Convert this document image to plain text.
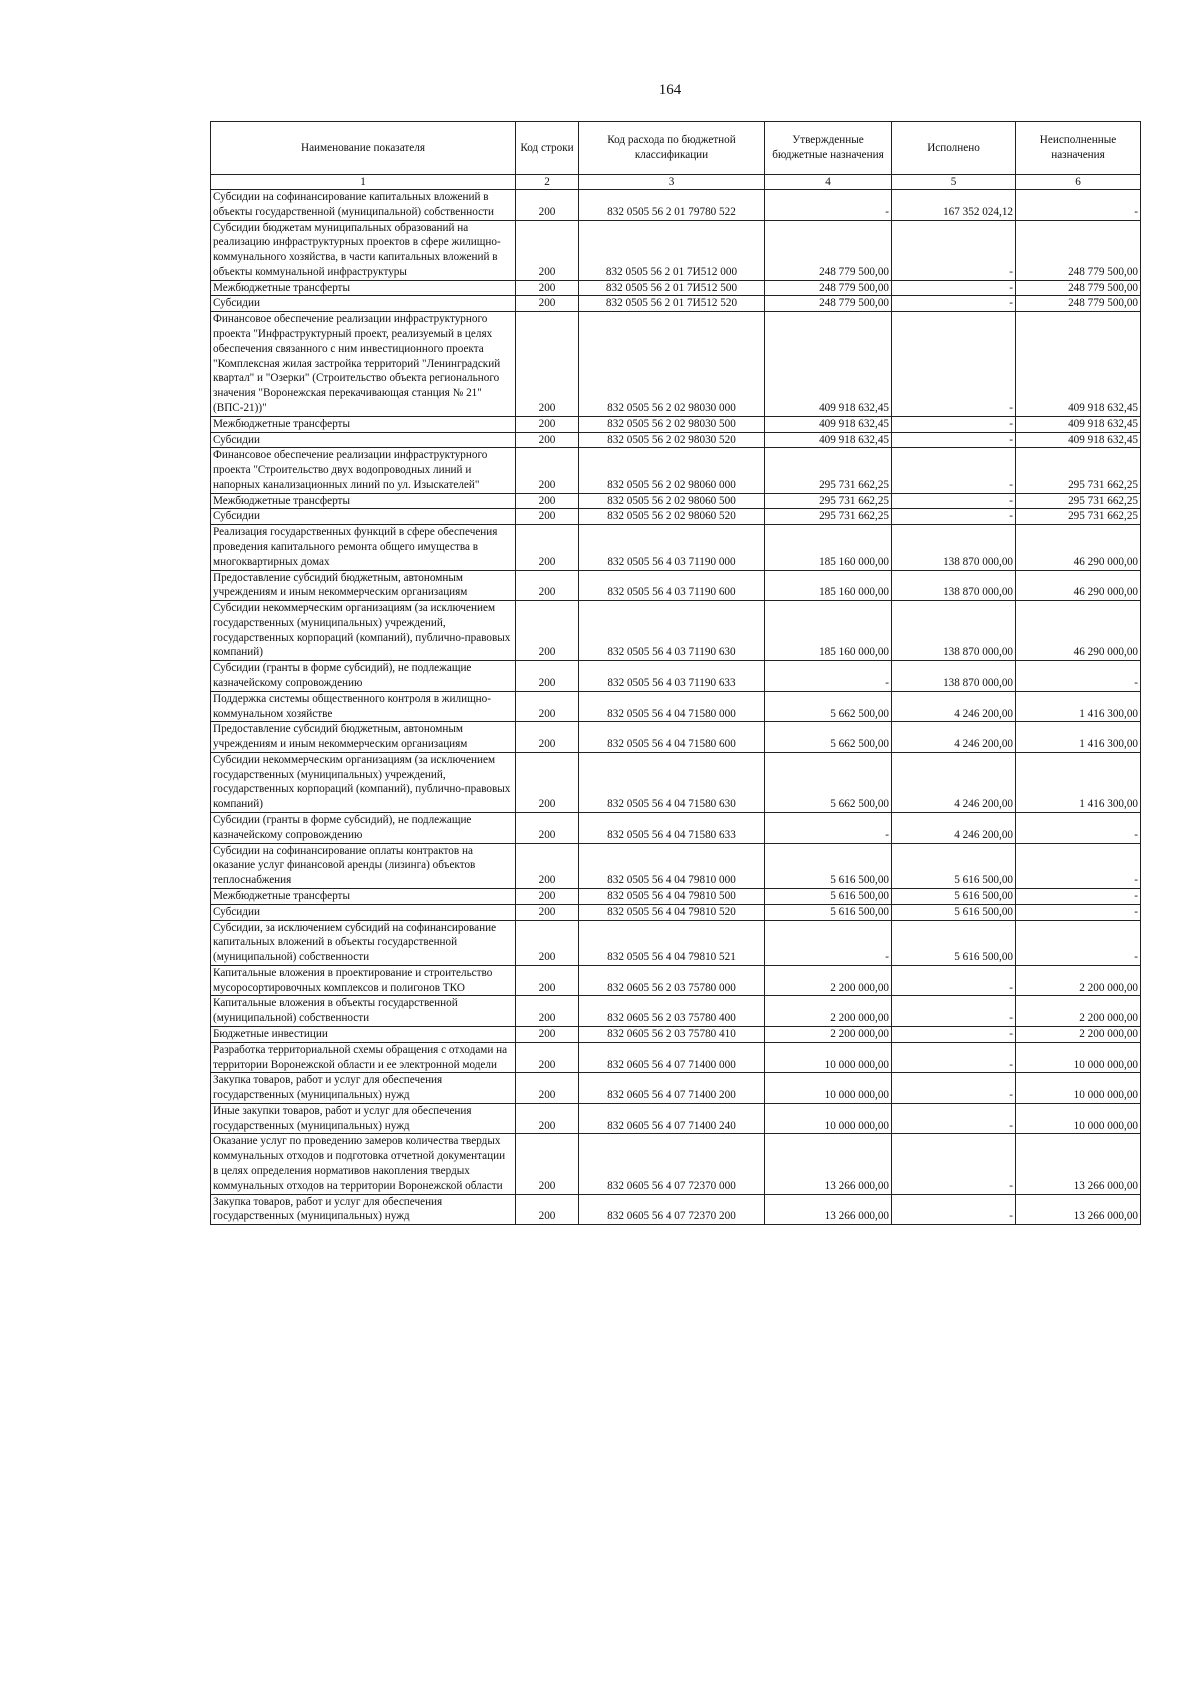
164
Наименование показателя	Код строки	Код расхода по бюджетной классификации	Утвержденные бюджетные назначения	Исполнено	Неисполненные назначения
1	2	3	4	5	6
Субсидии на софинансирование капитальных вложений в объекты государственной (муниципальной) собственности	200	832 0505 56 2 01 79780 522	-	167 352 024,12	-
Субсидии бюджетам муниципальных образований на реализацию инфраструктурных проектов в сфере жилищно-коммунального хозяйства, в части капитальных вложений в объекты коммунальной инфраструктуры	200	832 0505 56 2 01 7И512 000	248 779 500,00	-	248 779 500,00
Межбюджетные трансферты	200	832 0505 56 2 01 7И512 500	248 779 500,00	-	248 779 500,00
Субсидии	200	832 0505 56 2 01 7И512 520	248 779 500,00	-	248 779 500,00
Финансовое обеспечение реализации инфраструктурного проекта "Инфраструктурный проект, реализуемый в целях обеспечения связанного с ним инвестиционного проекта "Комплексная жилая застройка территорий "Ленинградский квартал" и "Озерки" (Строительство объекта регионального значения "Воронежская перекачивающая станция № 21" (ВПС-21))"	200	832 0505 56 2 02 98030 000	409 918 632,45	-	409 918 632,45
Межбюджетные трансферты	200	832 0505 56 2 02 98030 500	409 918 632,45	-	409 918 632,45
Субсидии	200	832 0505 56 2 02 98030 520	409 918 632,45	-	409 918 632,45
Финансовое обеспечение реализации инфраструктурного проекта "Строительство двух водопроводных линий и напорных канализационных линий по ул. Изыскателей"	200	832 0505 56 2 02 98060 000	295 731 662,25	-	295 731 662,25
Межбюджетные трансферты	200	832 0505 56 2 02 98060 500	295 731 662,25	-	295 731 662,25
Субсидии	200	832 0505 56 2 02 98060 520	295 731 662,25	-	295 731 662,25
Реализация государственных функций в сфере обеспечения проведения капитального ремонта общего имущества в многоквартирных домах	200	832 0505 56 4 03 71190 000	185 160 000,00	138 870 000,00	46 290 000,00
Предоставление субсидий бюджетным, автономным учреждениям и иным некоммерческим организациям	200	832 0505 56 4 03 71190 600	185 160 000,00	138 870 000,00	46 290 000,00
Субсидии некоммерческим организациям (за исключением государственных (муниципальных) учреждений, государственных корпораций (компаний), публично-правовых компаний)	200	832 0505 56 4 03 71190 630	185 160 000,00	138 870 000,00	46 290 000,00
Субсидии (гранты в форме субсидий), не подлежащие казначейскому сопровождению	200	832 0505 56 4 03 71190 633	-	138 870 000,00	-
Поддержка системы общественного контроля в жилищно-коммунальном хозяйстве	200	832 0505 56 4 04 71580 000	5 662 500,00	4 246 200,00	1 416 300,00
Предоставление субсидий бюджетным, автономным учреждениям и иным некоммерческим организациям	200	832 0505 56 4 04 71580 600	5 662 500,00	4 246 200,00	1 416 300,00
Субсидии некоммерческим организациям (за исключением государственных (муниципальных) учреждений, государственных корпораций (компаний), публично-правовых компаний)	200	832 0505 56 4 04 71580 630	5 662 500,00	4 246 200,00	1 416 300,00
Субсидии (гранты в форме субсидий), не подлежащие казначейскому сопровождению	200	832 0505 56 4 04 71580 633	-	4 246 200,00	-
Субсидии на софинансирование оплаты контрактов на оказание услуг финансовой аренды (лизинга) объектов теплоснабжения	200	832 0505 56 4 04 79810 000	5 616 500,00	5 616 500,00	-
Межбюджетные трансферты	200	832 0505 56 4 04 79810 500	5 616 500,00	5 616 500,00	-
Субсидии	200	832 0505 56 4 04 79810 520	5 616 500,00	5 616 500,00	-
Субсидии, за исключением субсидий на софинансирование капитальных вложений в объекты государственной (муниципальной) собственности	200	832 0505 56 4 04 79810 521	-	5 616 500,00	-
Капитальные вложения в проектирование и строительство мусоросортировочных комплексов и полигонов ТКО	200	832 0605 56 2 03 75780 000	2 200 000,00	-	2 200 000,00
Капитальные вложения в объекты государственной (муниципальной) собственности	200	832 0605 56 2 03 75780 400	2 200 000,00	-	2 200 000,00
Бюджетные инвестиции	200	832 0605 56 2 03 75780 410	2 200 000,00	-	2 200 000,00
Разработка территориальной схемы обращения с отходами на территории Воронежской области и ее электронной модели	200	832 0605 56 4 07 71400 000	10 000 000,00	-	10 000 000,00
Закупка товаров, работ и услуг для обеспечения государственных (муниципальных) нужд	200	832 0605 56 4 07 71400 200	10 000 000,00	-	10 000 000,00
Иные закупки товаров, работ и услуг для обеспечения государственных (муниципальных) нужд	200	832 0605 56 4 07 71400 240	10 000 000,00	-	10 000 000,00
Оказание услуг по проведению замеров количества твердых коммунальных отходов и подготовка отчетной документации в целях определения нормативов накопления твердых коммунальных отходов на территории Воронежской области	200	832 0605 56 4 07 72370 000	13 266 000,00	-	13 266 000,00
Закупка товаров, работ и услуг для обеспечения государственных (муниципальных) нужд	200	832 0605 56 4 07 72370 200	13 266 000,00	-	13 266 000,00
